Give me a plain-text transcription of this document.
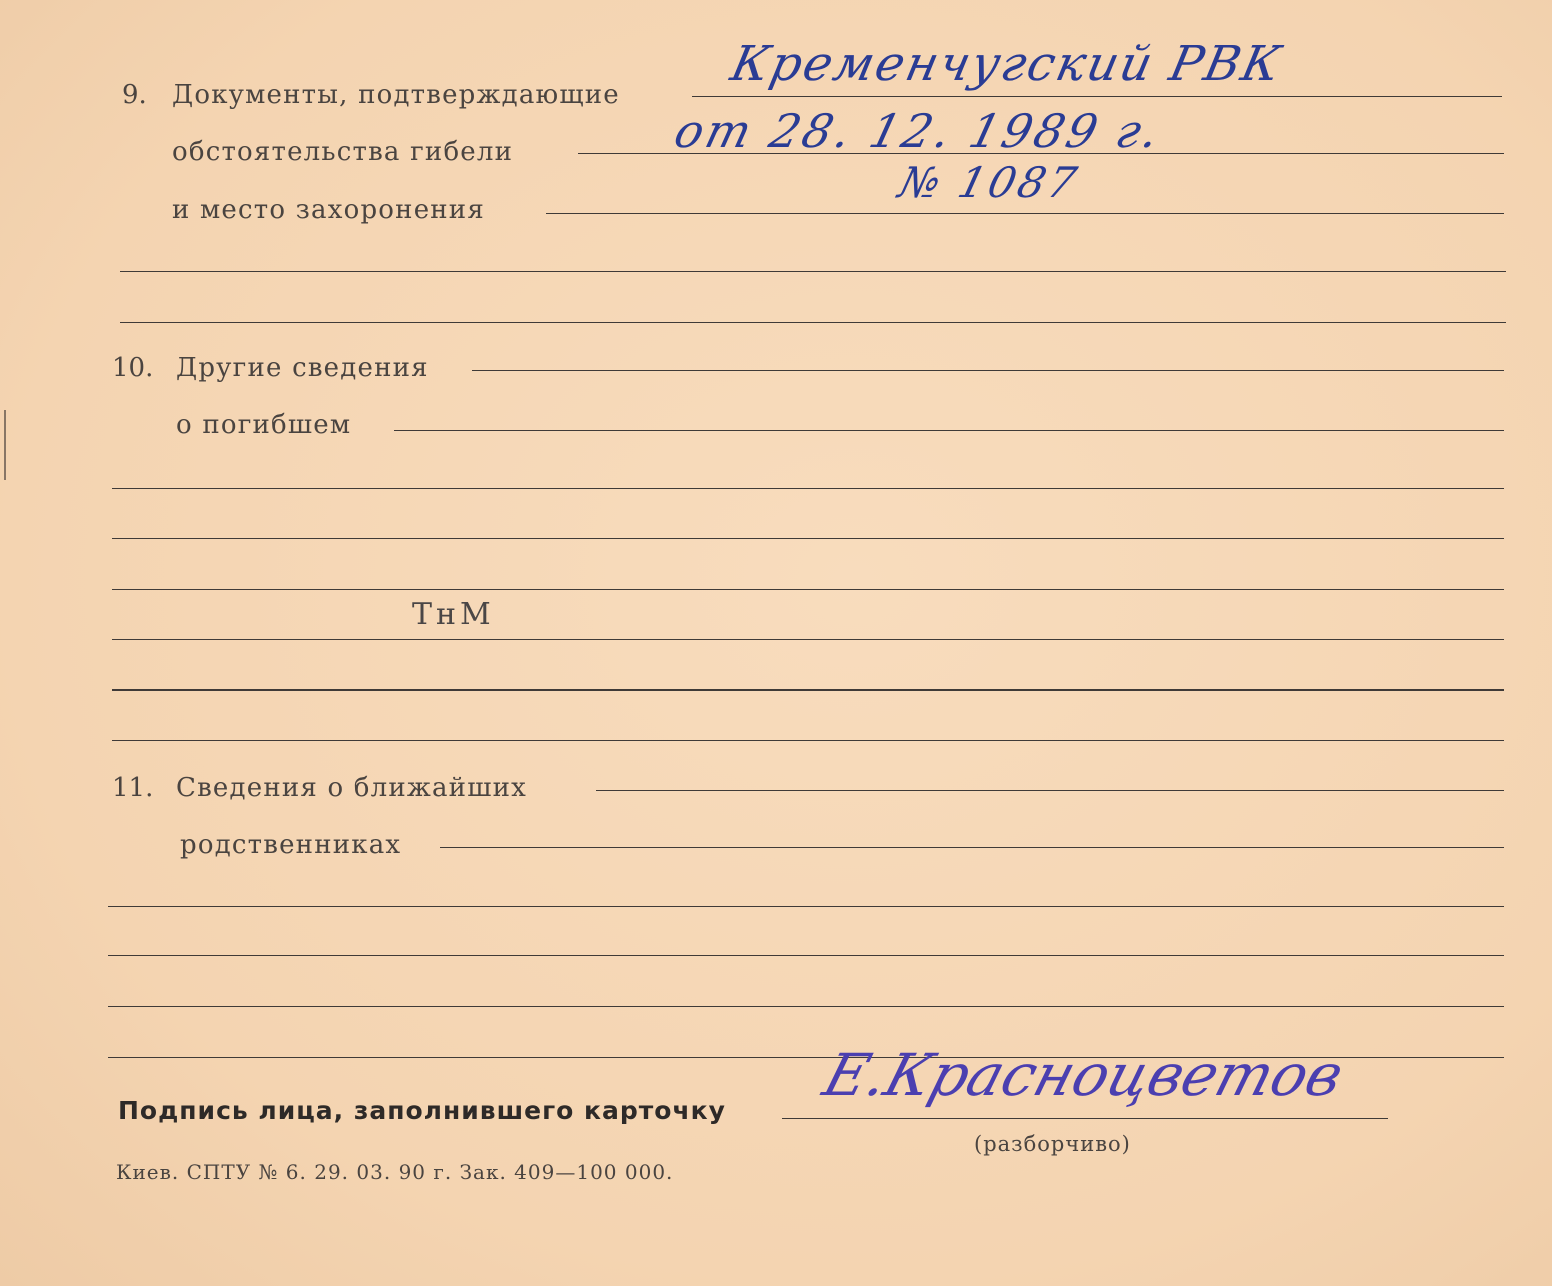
9. Документы, подтверждающие
обстоятельства гибели
и место захоронения
Кременчугский РВК
от 28. 12. 1989 г.
№ 1087
10. Другие сведения
о погибшем
ТнМ
11. Сведения о ближайших
родственниках
Подпись лица, заполнившего карточку
Е.Красноцветов
(разборчиво)
Киев. СПТУ № 6. 29. 03. 90 г. Зак. 409—100 000.
